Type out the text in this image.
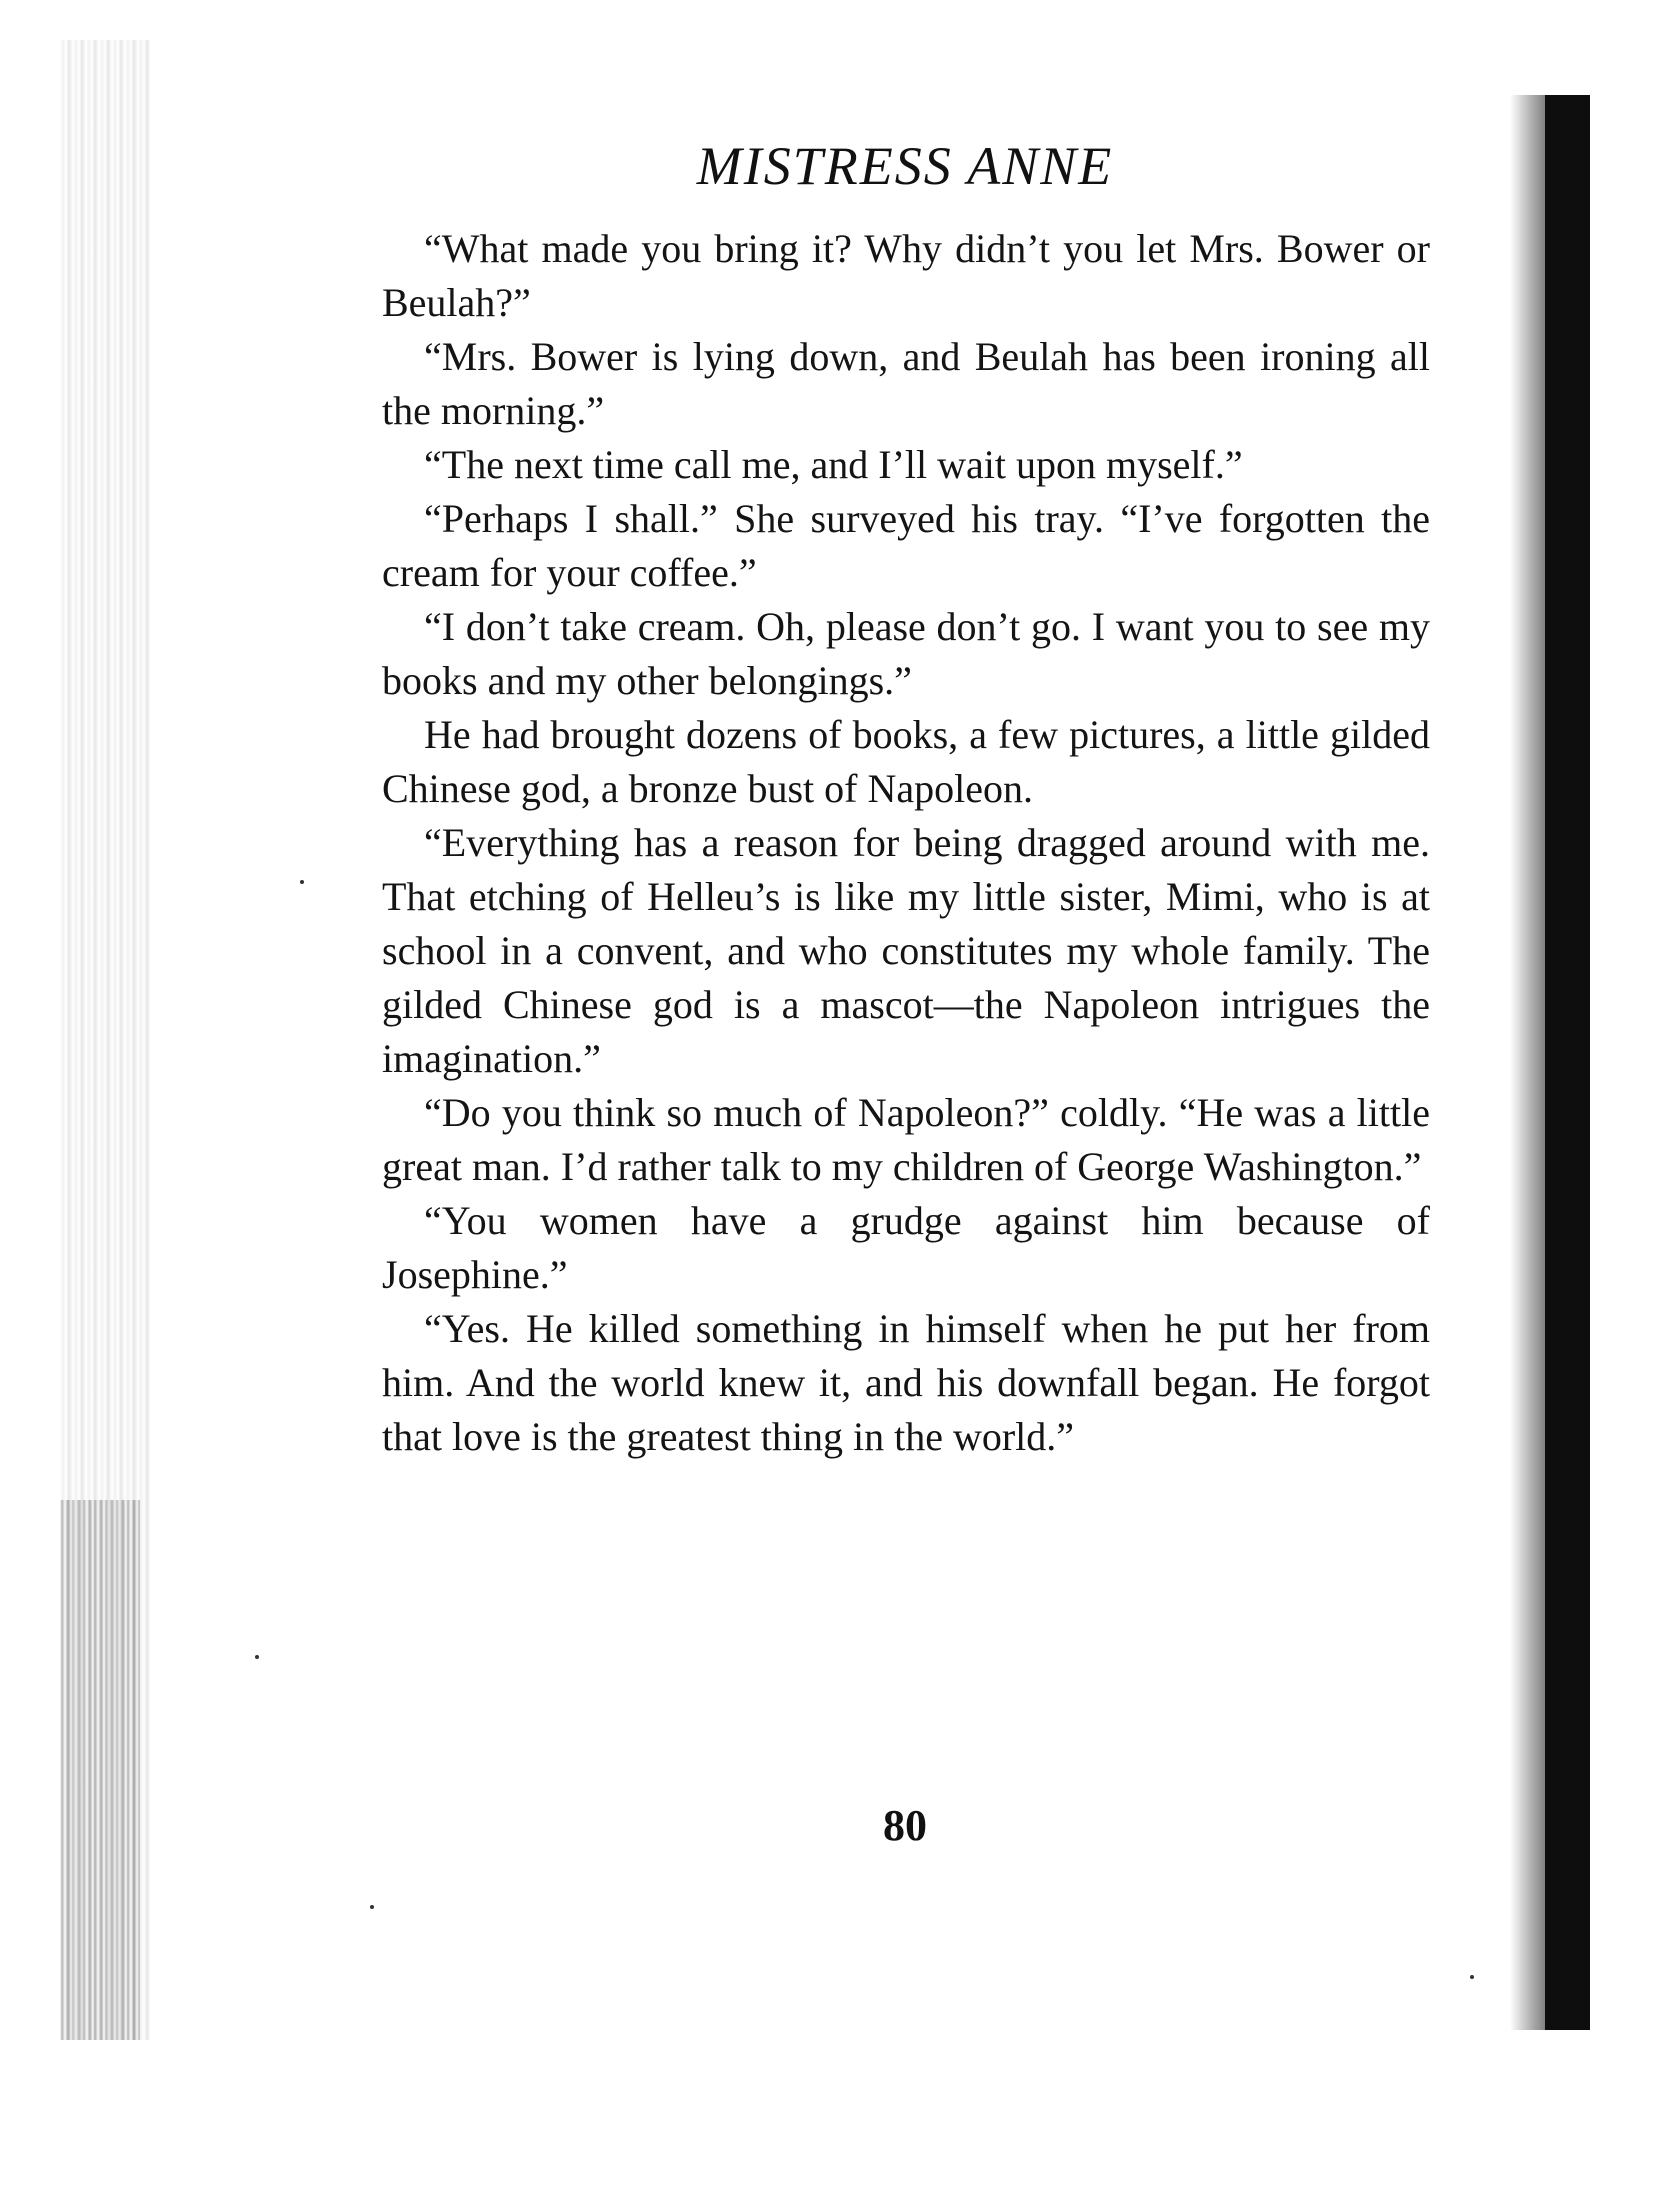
MISTRESS ANNE

“What made you bring it? Why didn’t you let Mrs. Bower or Beulah?”

“Mrs. Bower is lying down, and Beulah has been ironing all the morning.”

“The next time call me, and I’ll wait upon myself.”

“Perhaps I shall.” She surveyed his tray. “I’ve forgotten the cream for your coffee.”

“I don’t take cream. Oh, please don’t go. I want you to see my books and my other belongings.”

He had brought dozens of books, a few pictures, a little gilded Chinese god, a bronze bust of Napoleon.

“Everything has a reason for being dragged around with me. That etching of Helleu’s is like my little sister, Mimi, who is at school in a convent, and who constitutes my whole family. The gilded Chinese god is a mascot—the Napoleon intrigues the imagination.”

“Do you think so much of Napoleon?” coldly. “He was a little great man. I’d rather talk to my children of George Washington.”

“You women have a grudge against him because of Josephine.”

“Yes. He killed something in himself when he put her from him. And the world knew it, and his downfall began. He forgot that love is the greatest thing in the world.”

80
